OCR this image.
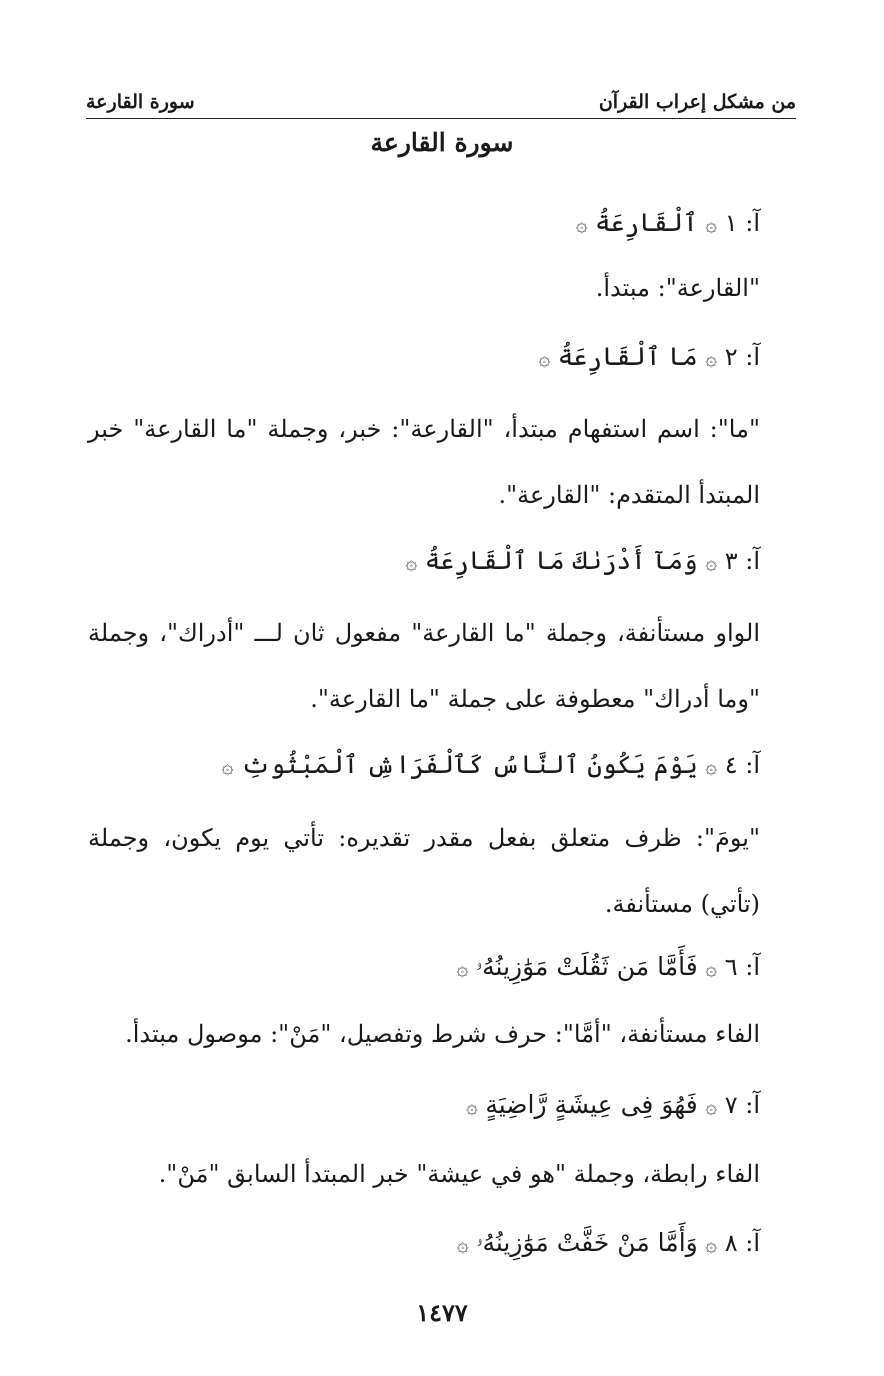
من مشكل إعراب القرآن
سورة القارعة
سورة القارعة
آ: ١ ۞ ٱلْقَارِعَةُ ۞
"القارعة": مبتدأ.
آ: ٢ ۞ مَا ٱلْقَارِعَةُ ۞
"ما": اسم استفهام مبتدأ، "القارعة": خبر، وجملة "ما القارعة" خبر المبتدأ المتقدم: "القارعة".
آ: ٣ ۞ وَمَآ أَدْرَىٰكَ مَا ٱلْقَارِعَةُ ۞
الواو مستأنفة، وجملة "ما القارعة" مفعول ثان لـــ "أدراك"، وجملة "وما أدراك" معطوفة على جملة "ما القارعة".
آ: ٤ ۞ يَوْمَ يَكُونُ ٱلنَّاسُ كَٱلْفَرَاشِ ٱلْمَبْثُوثِ ۞
"يومَ": ظرف متعلق بفعل مقدر تقديره: تأتي يوم يكون، وجملة (تأتي) مستأنفة.
آ: ٦ ۞ فَأَمَّا مَن ثَقُلَتْ مَوَٰزِينُهُۥ ۞
الفاء مستأنفة، "أمَّا": حرف شرط وتفصيل، "مَنْ": موصول مبتدأ.
آ: ٧ ۞ فَهُوَ فِى عِيشَةٍ رَّاضِيَةٍ ۞
الفاء رابطة، وجملة "هو في عيشة" خبر المبتدأ السابق "مَنْ".
آ: ٨ ۞ وَأَمَّا مَنْ خَفَّتْ مَوَٰزِينُهُۥ ۞
١٤٧٧
